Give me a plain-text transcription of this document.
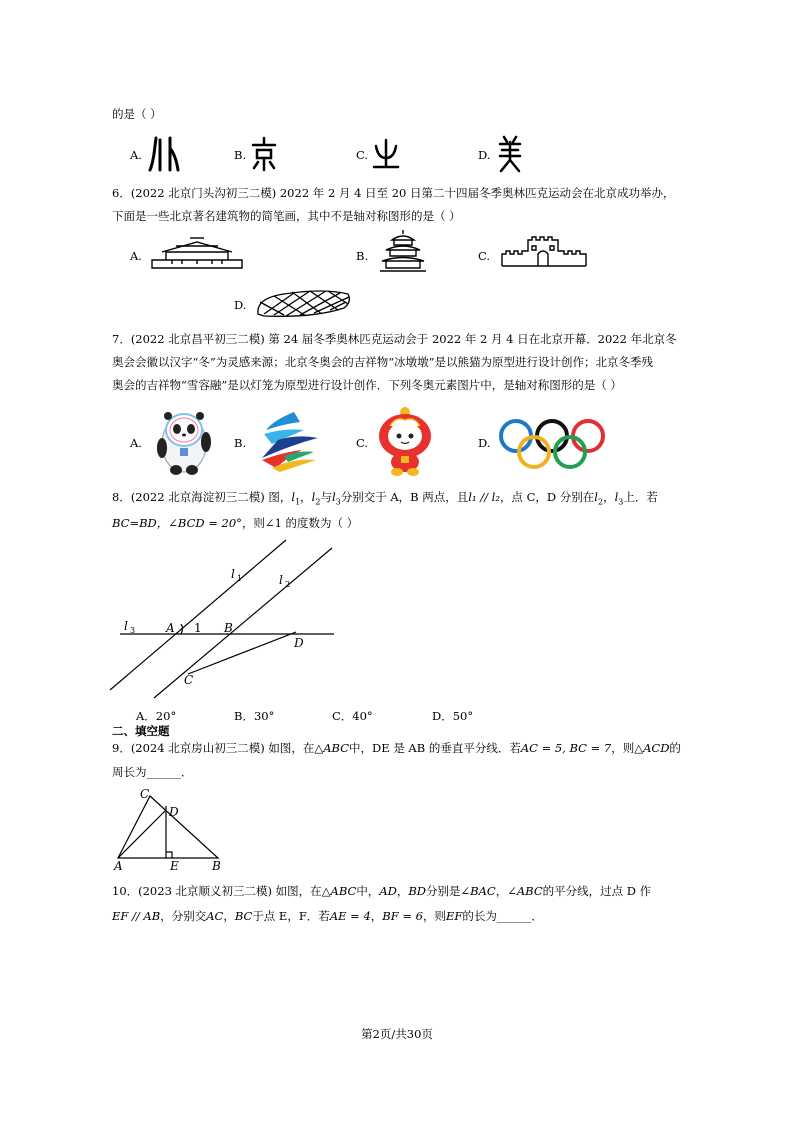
的是（ ）
A.	B.	C.	D.
6．(2022 北京门头沟初三二模) 2022 年 2 月 4 日至 20 日第二十四届冬季奥林匹克运动会在北京成功举办，
下面是一些北京著名建筑物的简笔画，其中不是轴对称图形的是（ ）
A.	B.	C.
D.
7．(2022 北京昌平初三二模) 第 24 届冬季奥林匹克运动会于 2022 年 2 月 4 日在北京开幕．2022 年北京冬
奥会会徽以汉字“冬”为灵感来源；北京冬奥会的吉祥物“冰墩墩”是以熊猫为原型进行设计创作；北京冬季残
奥会的吉祥物“雪容融”是以灯笼为原型进行设计创作．下列冬奥元素图片中，是轴对称图形的是（ ）
A.	B.	C.	D.
8．(2022 北京海淀初三二模) 图，$l_1$，$l_2$与$l_3$分别交于 A，B 两点，且l₁ // l₂，点 C，D 分别在$l_2$，$l_3$上．若
BC=BD，∠BCD = 20°，则∠1 的度数为（ ）
l 1	l 2
l 3	A 1 B
D
C
A．20°	B．30°	C．40°	D．50°
二、填空题
9．(2024 北京房山初三二模) 如图，在△ABC中，DE 是 AB 的垂直平分线．若AC = 5, BC = 7，则△ACD的
周长为______．
C
D
A	E	B
10．(2023 北京顺义初三二模) 如图，在△ABC中，AD，BD分别是∠BAC，∠ABC的平分线，过点 D 作
EF // AB，分别交AC，BC于点 E，F．若AE = 4，BF = 6，则EF的长为______．
第2页/共30页
